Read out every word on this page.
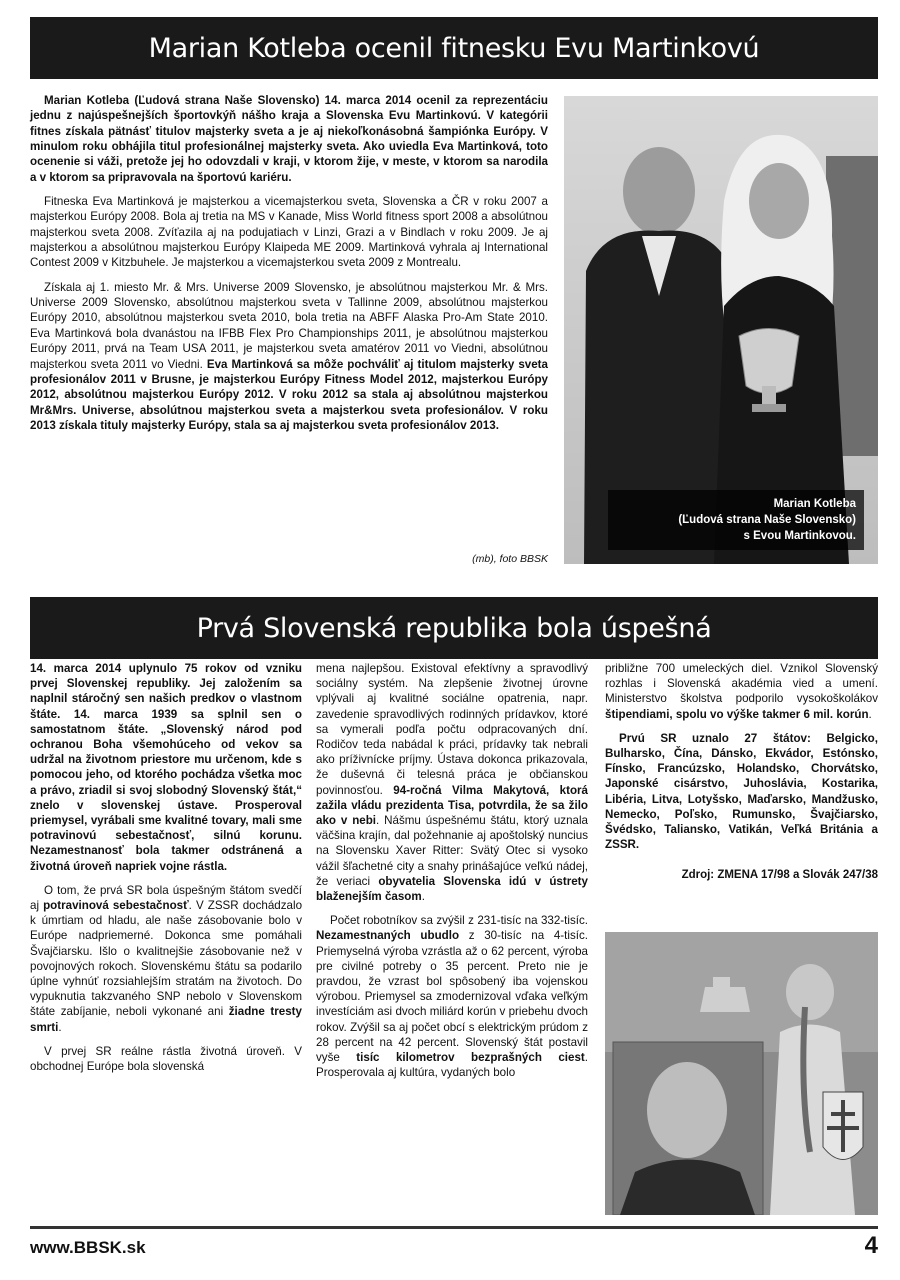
Marian Kotleba ocenil fitnesku Evu Martinkovú

Marian Kotleba (Ľudová strana Naše Slovensko) 14. marca 2014 ocenil za reprezentáciu jednu z najúspešnejších športovkýň nášho kraja a Slovenska Evu Martinkovú. V kategórii fitnes získala pätnásť titulov majsterky sveta a je aj niekoľkonásobná šampiónka Európy. V minulom roku obhájila titul profesionálnej majsterky sveta. Ako uviedla Eva Martinková, toto ocenenie si váži, pretože jej ho odovzdali v kraji, v ktorom žije, v meste, v ktorom sa narodila a v ktorom sa pripravovala na športovú kariéru.

Fitneska Eva Martinková je majsterkou a vicemajsterkou sveta, Slovenska a ČR v roku 2007 a majsterkou Európy 2008. Bola aj tretia na MS v Kanade, Miss World fitness sport 2008 a absolútnou majsterkou sveta 2008. Zvíťazila aj na podujatiach v Linzi, Grazi a v Bindlach v roku 2009. Je aj majsterkou a absolútnou majsterkou Európy Klaipeda ME 2009. Martinková vyhrala aj International Contest 2009 v Kitzbuhele. Je majsterkou a vicemajsterkou sveta 2009 z Montrealu.

Získala aj 1. miesto Mr. & Mrs. Universe 2009 Slovensko, je absolútnou majsterkou Mr. & Mrs. Universe 2009 Slovensko, absolútnou majsterkou sveta v Tallinne 2009, absolútnou majsterkou Európy 2010, absolútnou majsterkou sveta 2010, bola tretia na ABFF Alaska Pro-Am State 2010. Eva Martinková bola dvanástou na IFBB Flex Pro Championships 2011, je absolútnou majsterkou Európy 2011, prvá na Team USA 2011, je majsterkou sveta amatérov 2011 vo Viedni, absolútnou majsterkou sveta 2011 vo Viedni. Eva Martinková sa môže pochváliť aj titulom majsterky sveta profesionálov 2011 v Brusne, je majsterkou Európy Fitness Model 2012, majsterkou Európy 2012, absolútnou majsterkou Európy 2012. V roku 2012 sa stala aj absolútnou majsterkou Mr&Mrs. Universe, absolútnou majsterkou sveta a majsterkou sveta profesionálov. V roku 2013 získala tituly majsterky Európy, stala sa aj majsterkou sveta profesionálov 2013.

(mb), foto BBSK
Marian Kotleba
(Ľudová strana Naše Slovensko)
s Evou Martinkovou.
Prvá Slovenská republika bola úspešná

14. marca 2014 uplynulo 75 rokov od vzniku prvej Slovenskej republiky. Jej založením sa naplnil stáročný sen našich predkov o vlastnom štáte. 14. marca 1939 sa splnil sen o samostatnom štáte. „Slovenský národ pod ochranou Boha všemohúceho od vekov sa udržal na životnom priestore mu určenom, kde s pomocou jeho, od ktorého pochádza všetka moc a právo, zriadil si svoj slobodný Slovenský štát,“ znelo v slovenskej ústave. Prosperoval priemysel, vyrábali sme kvalitné tovary, mali sme potravinovú sebestačnosť, silnú korunu. Nezamestnanosť bola takmer odstránená a životná úroveň napriek vojne rástla.

O tom, že prvá SR bola úspešným štátom svedčí aj potravinová sebestačnosť. V ZSSR dochádzalo k úmrtiam od hladu, ale naše zásobovanie bolo v Európe nadpriemerné. Dokonca sme pomáhali Švajčiarsku. Išlo o kvalitnejšie zásobovanie než v povojnových rokoch. Slovenskému štátu sa podarilo úplne vyhnúť rozsiahlejším stratám na životoch. Do vypuknutia takzvaného SNP nebolo v Slovenskom štáte zabíjanie, neboli vykonané ani žiadne tresty smrti.

V prvej SR reálne rástla životná úroveň. V obchodnej Európe bola slovenská

mena najlepšou. Existoval efektívny a spravodlivý sociálny systém. Na zlepšenie životnej úrovne vplývali aj kvalitné sociálne opatrenia, napr. zavedenie spravodlivých rodinných prídavkov, ktoré sa vymerali podľa počtu odpracovaných dní. Rodičov teda nabádal k práci, prídavky tak nebrali ako príživnícke príjmy. Ústava dokonca prikazovala, že duševná či telesná práca je občianskou povinnosťou. 94-ročná Vilma Makytová, ktorá zažila vládu prezidenta Tisa, potvrdila, že sa žilo ako v nebi. Nášmu úspešnému štátu, ktorý uznala väčšina krajín, dal požehnanie aj apoštolský nuncius na Slovensku Xaver Ritter: Svätý Otec si vysoko vážil šľachetné city a snahy prinášajúce veľkú nádej, že veriaci obyvatelia Slovenska idú v ústrety blaženejším časom.

Počet robotníkov sa zvýšil z 231-tisíc na 332-tisíc. Nezamestnaných ubudlo z 30-tisíc na 4-tisíc. Priemyselná výroba vzrástla až o 62 percent, výroba pre civilné potreby o 35 percent. Preto nie je pravdou, že vzrast bol spôsobený iba vojenskou výrobou. Priemysel sa zmodernizoval vďaka veľkým investíciám asi dvoch miliárd korún v priebehu dvoch rokov. Zvýšil sa aj počet obcí s elektrickým prúdom z 28 percent na 42 percent. Slovenský štát postavil vyše tisíc kilometrov bezprašných ciest. Prosperovala aj kultúra, vydaných bolo

približne 700 umeleckých diel. Vznikol Slovenský rozhlas i Slovenská akadémia vied a umení. Ministerstvo školstva podporilo vysokoškolákov štipendiami, spolu vo výške takmer 6 mil. korún.

Prvú SR uznalo 27 štátov: Belgicko, Bulharsko, Čína, Dánsko, Ekvádor, Estónsko, Fínsko, Francúzsko, Holandsko, Chorvátsko, Japonské cisárstvo, Juhoslávia, Kostarika, Libéria, Litva, Lotyšsko, Maďarsko, Mandžusko, Nemecko, Poľsko, Rumunsko, Švajčiarsko, Švédsko, Taliansko, Vatikán, Veľká Británia a ZSSR.

Zdroj: ZMENA 17/98 a Slovák 247/38
www.BBSK.sk	4
